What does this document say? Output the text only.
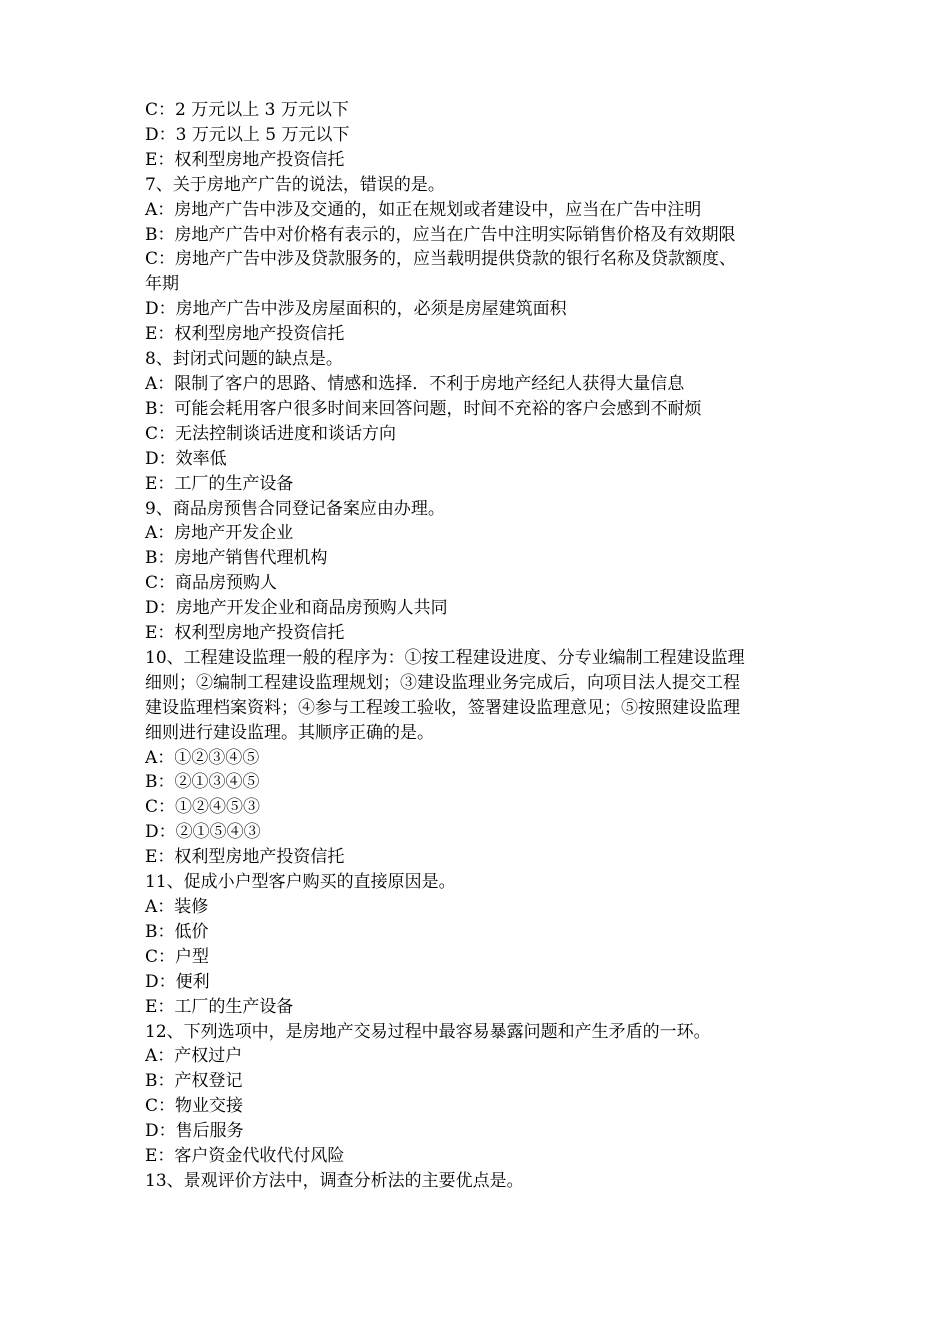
C：2 万元以上 3 万元以下
D：3 万元以上 5 万元以下
E：权利型房地产投资信托
7、关于房地产广告的说法，错误的是。
A：房地产广告中涉及交通的，如正在规划或者建设中，应当在广告中注明
B：房地产广告中对价格有表示的，应当在广告中注明实际销售价格及有效期限
C：房地产广告中涉及贷款服务的，应当载明提供贷款的银行名称及贷款额度、
年期
D：房地产广告中涉及房屋面积的，必须是房屋建筑面积
E：权利型房地产投资信托
8、封闭式问题的缺点是。
A：限制了客户的思路、情感和选择．不利于房地产经纪人获得大量信息
B：可能会耗用客户很多时间来回答问题，时间不充裕的客户会感到不耐烦
C：无法控制谈话进度和谈话方向
D：效率低
E：工厂的生产设备
9、商品房预售合同登记备案应由办理。
A：房地产开发企业
B：房地产销售代理机构
C：商品房预购人
D：房地产开发企业和商品房预购人共同
E：权利型房地产投资信托
10、工程建设监理一般的程序为：①按工程建设进度、分专业编制工程建设监理
细则；②编制工程建设监理规划；③建设监理业务完成后，向项目法人提交工程
建设监理档案资料；④参与工程竣工验收，签署建设监理意见；⑤按照建设监理
细则进行建设监理。其顺序正确的是。
A：①②③④⑤
B：②①③④⑤
C：①②④⑤③
D：②①⑤④③
E：权利型房地产投资信托
11、促成小户型客户购买的直接原因是。
A：装修
B：低价
C：户型
D：便利
E：工厂的生产设备
12、下列选项中，是房地产交易过程中最容易暴露问题和产生矛盾的一环。
A：产权过户
B：产权登记
C：物业交接
D：售后服务
E：客户资金代收代付风险
13、景观评价方法中，调查分析法的主要优点是。
